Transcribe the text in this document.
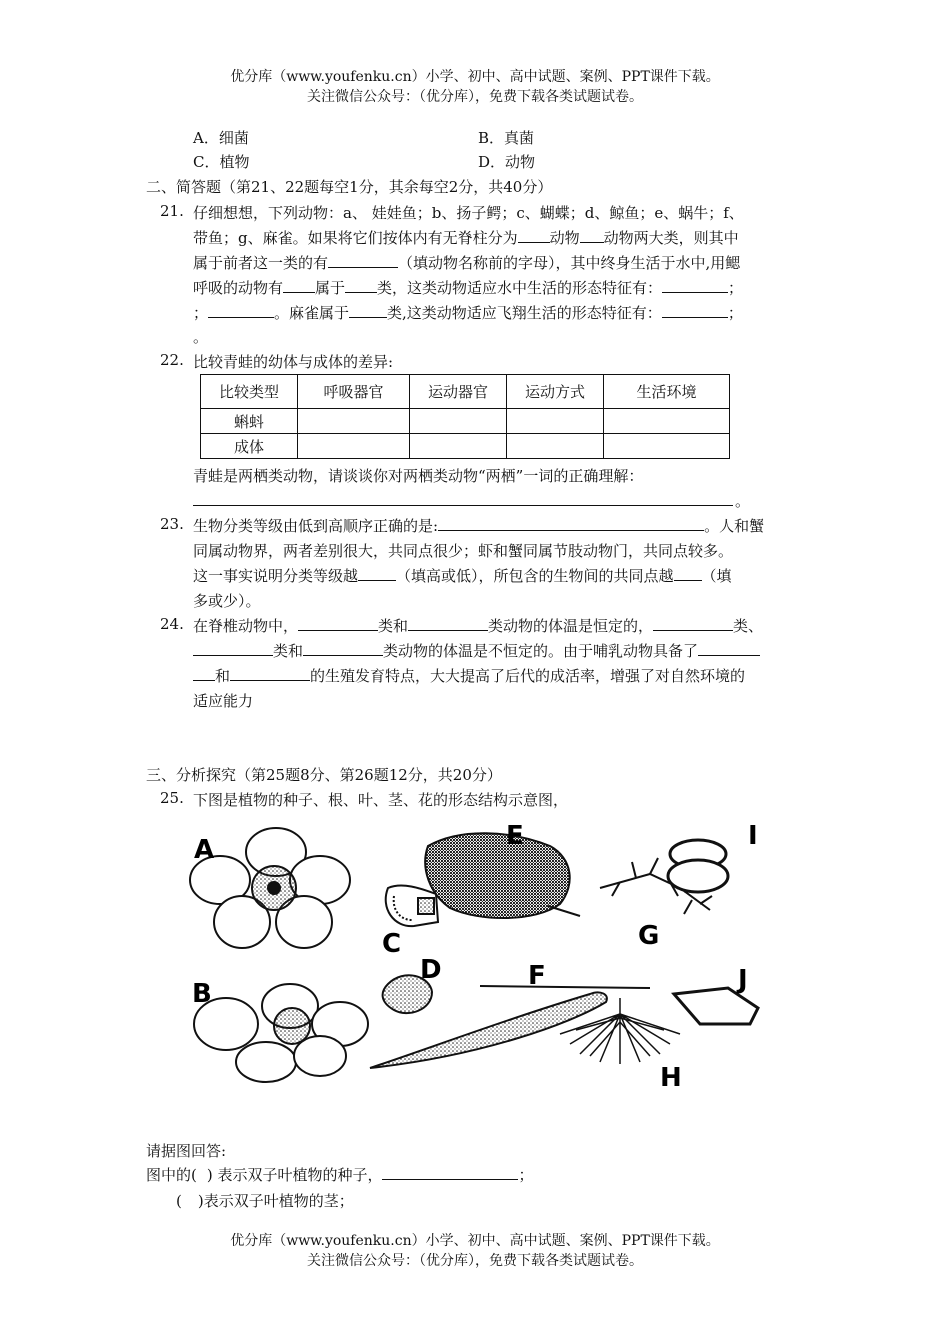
优分库（www.youfenku.cn）小学、初中、高中试题、案例、PPT课件下载。
关注微信公众号：（优分库），免费下载各类试题试卷。
A．细菌	B．真菌
C．植物	D．动物
二、简答题（第21、22题每空1分，其余每空2分，共40分）
21. 仔细想想，下列动物：a、 娃娃鱼；b、扬子鳄；c、蝴蝶；d、鲸鱼；e、蜗牛；f、
带鱼；g、麻雀。如果将它们按体内有无脊柱分为 动物 动物两大类，则其中
属于前者这一类的有	（填动物名称前的字母），其中终身生活于水中,用鳃
呼吸的动物有 属于 类，这类动物适应水中生活的形态特征有：	；
；	。麻雀属于	类,这类动物适应飞翔生活的形态特征有：	；
。
22. 比较青蛙的幼体与成体的差异:
比较类型	呼吸器官	运动器官	运动方式	生活环境
蝌蚪				
成体				
青蛙是两栖类动物，请谈谈你对两栖类动物“两栖”一词的正确理解：
。
23. 生物分类等级由低到高顺序正确的是:	。人和蟹
同属动物界，两者差别很大，共同点很少；虾和蟹同属节肢动物门，共同点较多。
这一事实说明分类等级越	（填高或低），所包含的生物间的共同点越 （填
多或少）。
24. 在脊椎动物中，	类和	类动物的体温是恒定的，	类、
类和	类动物的体温是不恒定的。由于哺乳动物具备了
和	的生殖发育特点，大大提高了后代的成活率，增强了对自然环境的
适应能力
三、分析探究（第25题8分、第26题12分，共20分）
25. 下图是植物的种子、根、叶、茎、花的形态结构示意图，
A
B
C
D
E
F
G
H
I
J
请据图回答:
图中的( ) 表示双子叶植物的种子，	；
( )表示双子叶植物的茎；
优分库（www.youfenku.cn）小学、初中、高中试题、案例、PPT课件下载。
关注微信公众号：（优分库），免费下载各类试题试卷。
